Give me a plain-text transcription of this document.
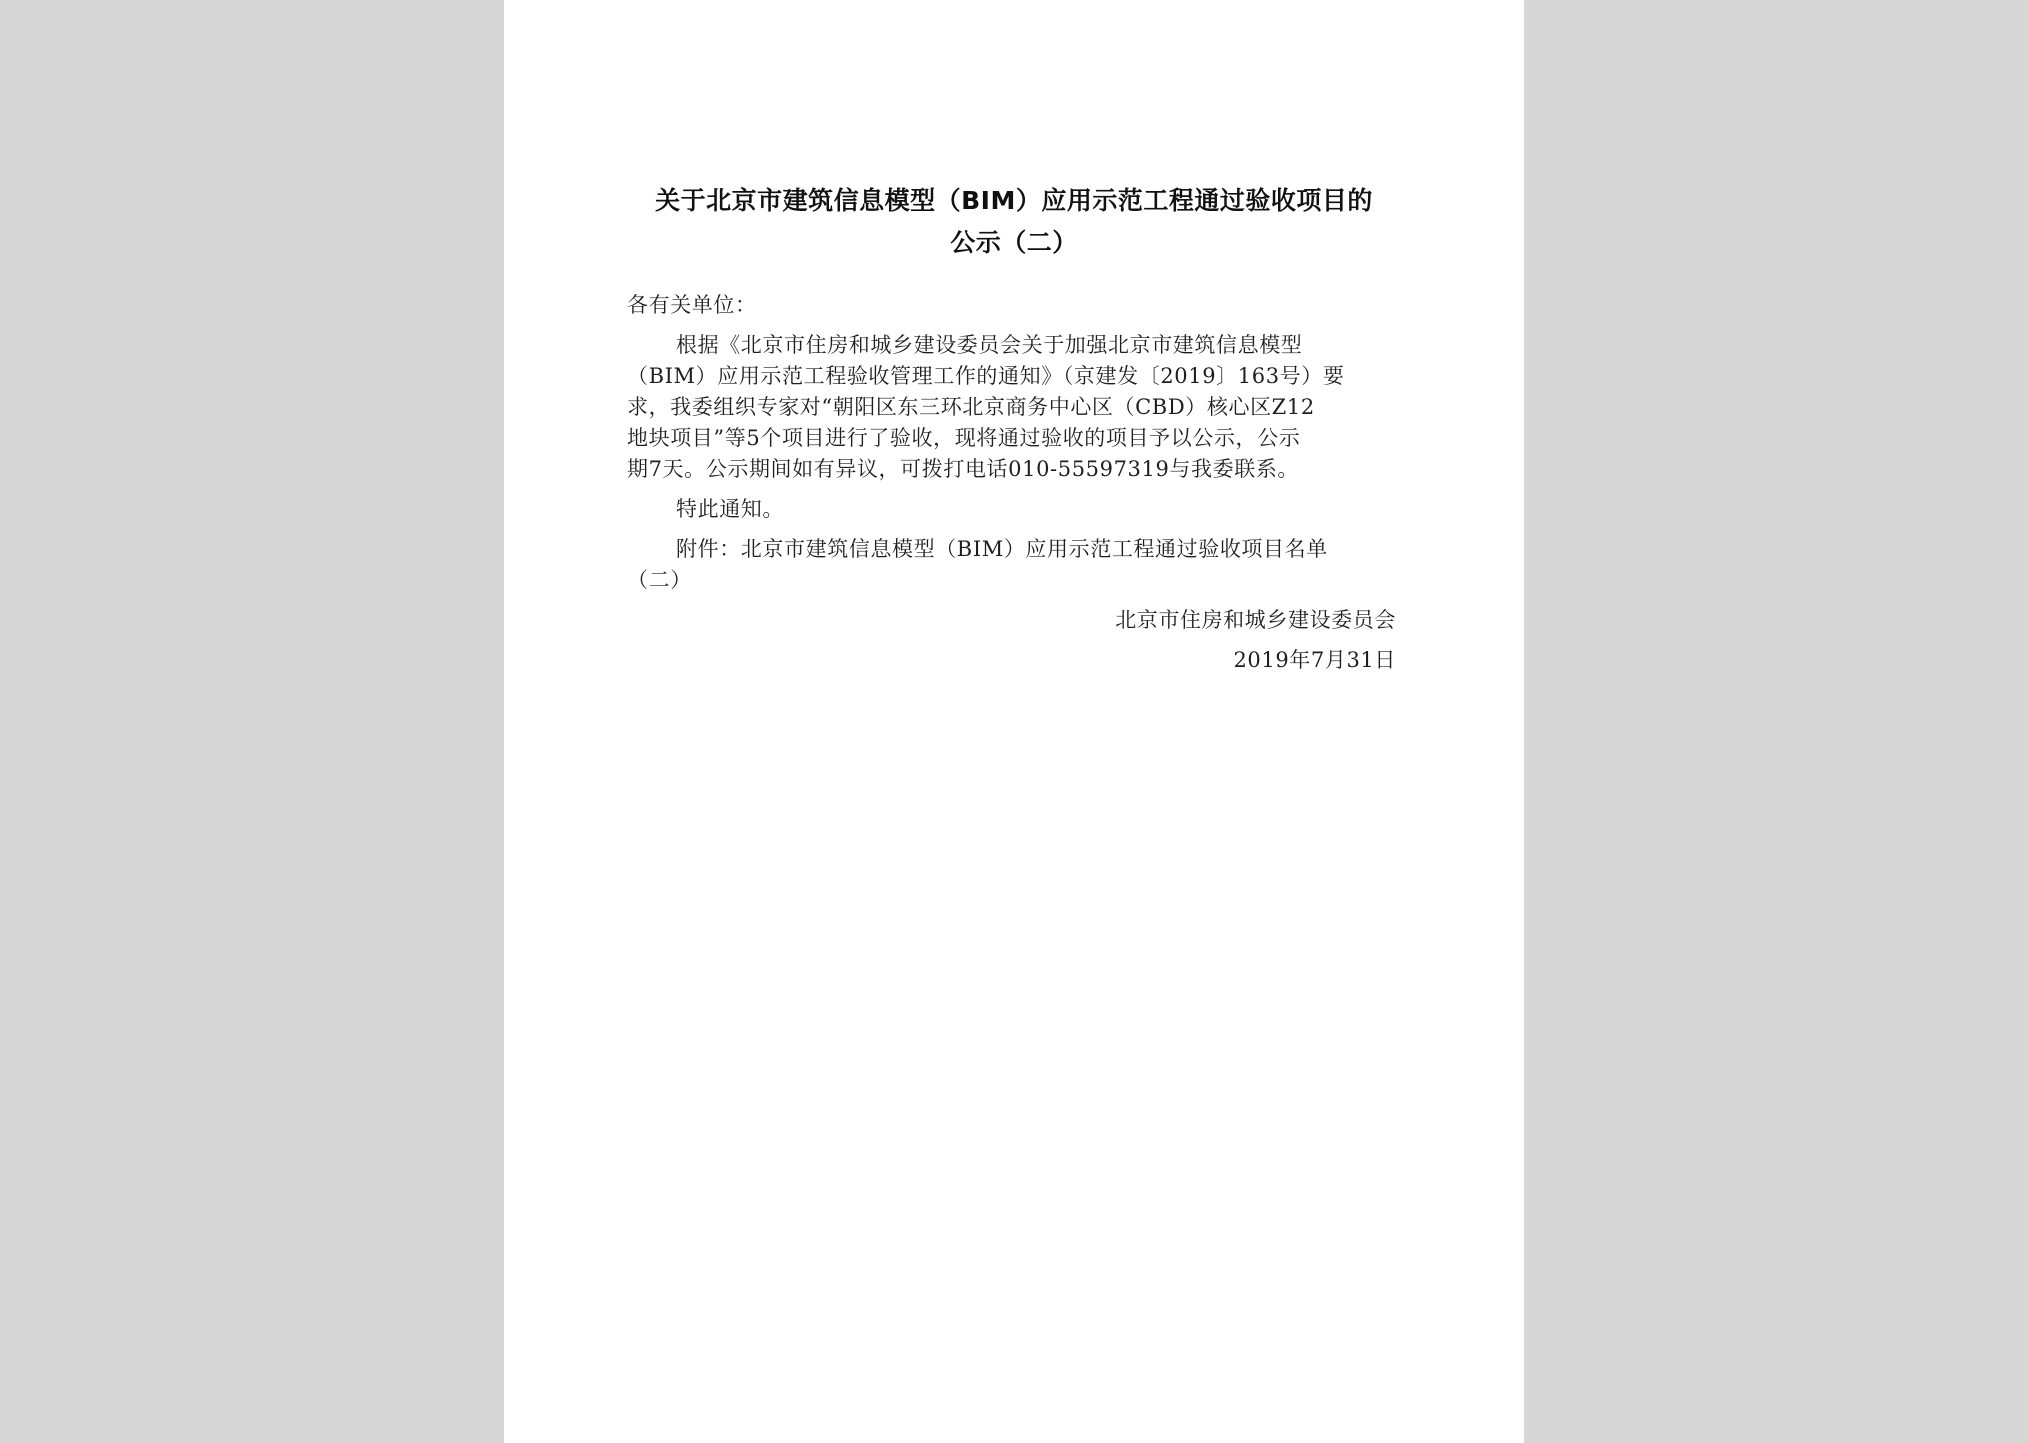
关于北京市建筑信息模型（BIM）应用示范工程通过验收项目的
公示（二）
各有关单位：
根据《北京市住房和城乡建设委员会关于加强北京市建筑信息模型
（BIM）应用示范工程验收管理工作的通知》（京建发〔2019〕163号）要
求，我委组织专家对“朝阳区东三环北京商务中心区（CBD）核心区Z12
地块项目”等5个项目进行了验收，现将通过验收的项目予以公示，公示
期7天。公示期间如有异议，可拨打电话010-55597319与我委联系。
特此通知。
附件：北京市建筑信息模型（BIM）应用示范工程通过验收项目名单
（二）
北京市住房和城乡建设委员会
2019年7月31日
